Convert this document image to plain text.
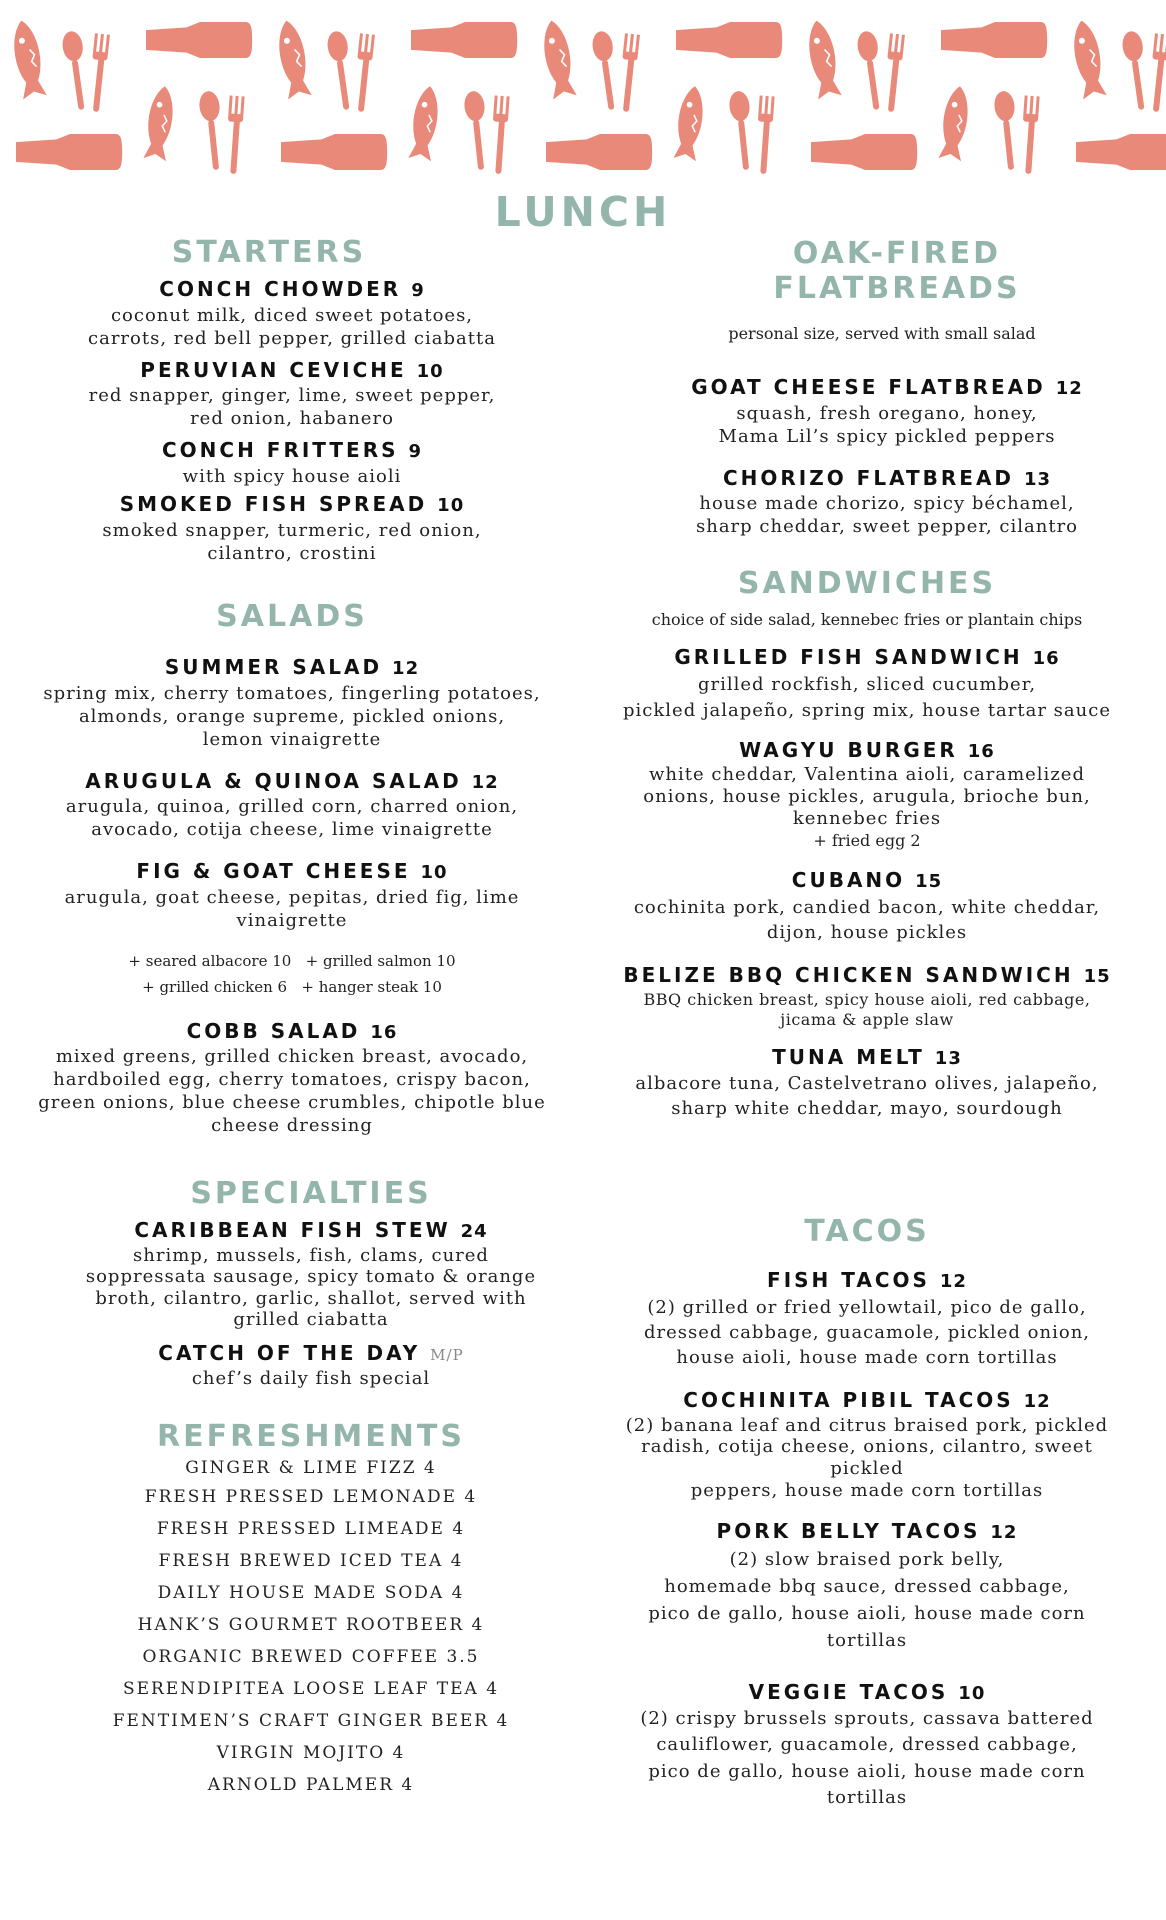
LUNCH
STARTERS

CONCH CHOWDER 9

coconut milk, diced sweet potatoes,
carrots, red bell pepper, grilled ciabatta

PERUVIAN CEVICHE 10

red snapper, ginger, lime, sweet pepper,
red onion, habanero

CONCH FRITTERS 9

with spicy house aioli

SMOKED FISH SPREAD 10

smoked snapper, turmeric, red onion,
cilantro, crostini

SALADS

SUMMER SALAD 12

spring mix, cherry tomatoes, fingerling potatoes,
almonds, orange supreme, pickled onions,
lemon vinaigrette

ARUGULA & QUINOA SALAD 12

arugula, quinoa, grilled corn, charred onion,
avocado, cotija cheese, lime vinaigrette

FIG & GOAT CHEESE 10

arugula, goat cheese, pepitas, dried fig, lime
vinaigrette

+ seared albacore 10 + grilled salmon 10

+ grilled chicken 6 + hanger steak 10

COBB SALAD 16

mixed greens, grilled chicken breast, avocado,
hardboiled egg, cherry tomatoes, crispy bacon,
green onions, blue cheese crumbles, chipotle blue
cheese dressing

SPECIALTIES

CARIBBEAN FISH STEW 24

shrimp, mussels, fish, clams, cured
soppressata sausage, spicy tomato & orange
broth, cilantro, garlic, shallot, served with
grilled ciabatta

CATCH OF THE DAY M/P

chef’s daily fish special

REFRESHMENTS

GINGER & LIME FIZZ 4

FRESH PRESSED LEMONADE 4

FRESH PRESSED LIMEADE 4

FRESH BREWED ICED TEA 4

DAILY HOUSE MADE SODA 4

HANK’S GOURMET ROOTBEER 4

ORGANIC BREWED COFFEE 3.5

SERENDIPITEA LOOSE LEAF TEA 4

FENTIMEN’S CRAFT GINGER BEER 4

VIRGIN MOJITO 4

ARNOLD PALMER 4

OAK-FIRED
FLATBREADS

personal size, served with small salad

GOAT CHEESE FLATBREAD 12

squash, fresh oregano, honey,
Mama Lil’s spicy pickled peppers

CHORIZO FLATBREAD 13

house made chorizo, spicy béchamel,
sharp cheddar, sweet pepper, cilantro

SANDWICHES

choice of side salad, kennebec fries or plantain chips

GRILLED FISH SANDWICH 16

grilled rockfish, sliced cucumber,
pickled jalapeño, spring mix, house tartar sauce

WAGYU BURGER 16

white cheddar, Valentina aioli, caramelized
onions, house pickles, arugula, brioche bun,
kennebec fries

+ fried egg 2

CUBANO 15

cochinita pork, candied bacon, white cheddar,
dijon, house pickles

BELIZE BBQ CHICKEN SANDWICH 15

BBQ chicken breast, spicy house aioli, red cabbage,
jicama & apple slaw

TUNA MELT 13

albacore tuna, Castelvetrano olives, jalapeño,
sharp white cheddar, mayo, sourdough

TACOS

FISH TACOS 12

(2) grilled or fried yellowtail, pico de gallo,
dressed cabbage, guacamole, pickled onion,
house aioli, house made corn tortillas

COCHINITA PIBIL TACOS 12

(2) banana leaf and citrus braised pork, pickled
radish, cotija cheese, onions, cilantro, sweet pickled
peppers, house made corn tortillas

PORK BELLY TACOS 12

(2) slow braised pork belly,
homemade bbq sauce, dressed cabbage,
pico de gallo, house aioli, house made corn tortillas

VEGGIE TACOS 10

(2) crispy brussels sprouts, cassava battered
cauliflower, guacamole, dressed cabbage,
pico de gallo, house aioli, house made corn tortillas
